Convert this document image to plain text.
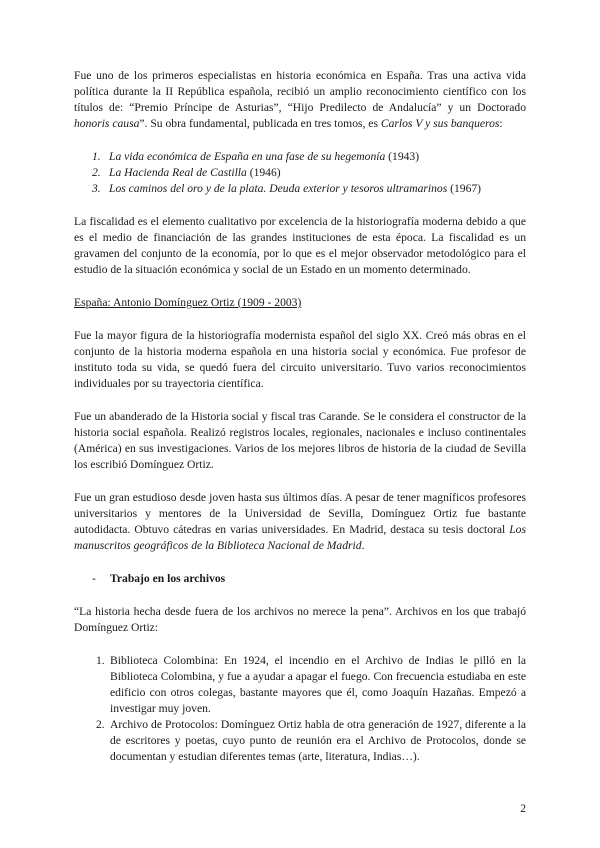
Fue uno de los primeros especialistas en historia económica en España. Tras una activa vida política durante la II República española, recibió un amplio reconocimiento científico con los títulos de: “Premio Príncipe de Asturias”, “Hijo Predilecto de Andalucía” y un Doctorado honoris causa”. Su obra fundamental, publicada en tres tomos, es Carlos V y sus banqueros:

1. La vida económica de España en una fase de su hegemonía (1943)
2. La Hacienda Real de Castilla (1946)
3. Los caminos del oro y de la plata. Deuda exterior y tesoros ultramarinos (1967)

La fiscalidad es el elemento cualitativo por excelencia de la historiografía moderna debido a que es el medio de financiación de las grandes instituciones de esta época. La fiscalidad es un gravamen del conjunto de la economía, por lo que es el mejor observador metodológico para el estudio de la situación económica y social de un Estado en un momento determinado.

España: Antonio Domínguez Ortiz (1909 - 2003)

Fue la mayor figura de la historiografía modernista español del siglo XX. Creó más obras en el conjunto de la historia moderna española en una historia social y económica. Fue profesor de instituto toda su vida, se quedó fuera del circuito universitario. Tuvo varios reconocimientos individuales por su trayectoria científica.

Fue un abanderado de la Historia social y fiscal tras Carande. Se le considera el constructor de la historia social española. Realizó registros locales, regionales, nacionales e incluso continentales (América) en sus investigaciones. Varios de los mejores libros de historia de la ciudad de Sevilla los escribió Domínguez Ortiz.

Fue un gran estudioso desde joven hasta sus últimos días. A pesar de tener magníficos profesores universitarios y mentores de la Universidad de Sevilla, Domínguez Ortiz fue bastante autodidacta. Obtuvo cátedras en varias universidades. En Madrid, destaca su tesis doctoral Los manuscritos geográficos de la Biblioteca Nacional de Madrid.

- Trabajo en los archivos

“La historia hecha desde fuera de los archivos no merece la pena”. Archivos en los que trabajó Domínguez Ortiz:

1. Biblioteca Colombina: En 1924, el incendio en el Archivo de Indias le pilló en la Biblioteca Colombina, y fue a ayudar a apagar el fuego. Con frecuencia estudiaba en este edificio con otros colegas, bastante mayores que él, como Joaquín Hazañas. Empezó a investigar muy joven.
2. Archivo de Protocolos: Domínguez Ortiz habla de otra generación de 1927, diferente a la de escritores y poetas, cuyo punto de reunión era el Archivo de Protocolos, donde se documentan y estudian diferentes temas (arte, literatura, Indias…).
2
